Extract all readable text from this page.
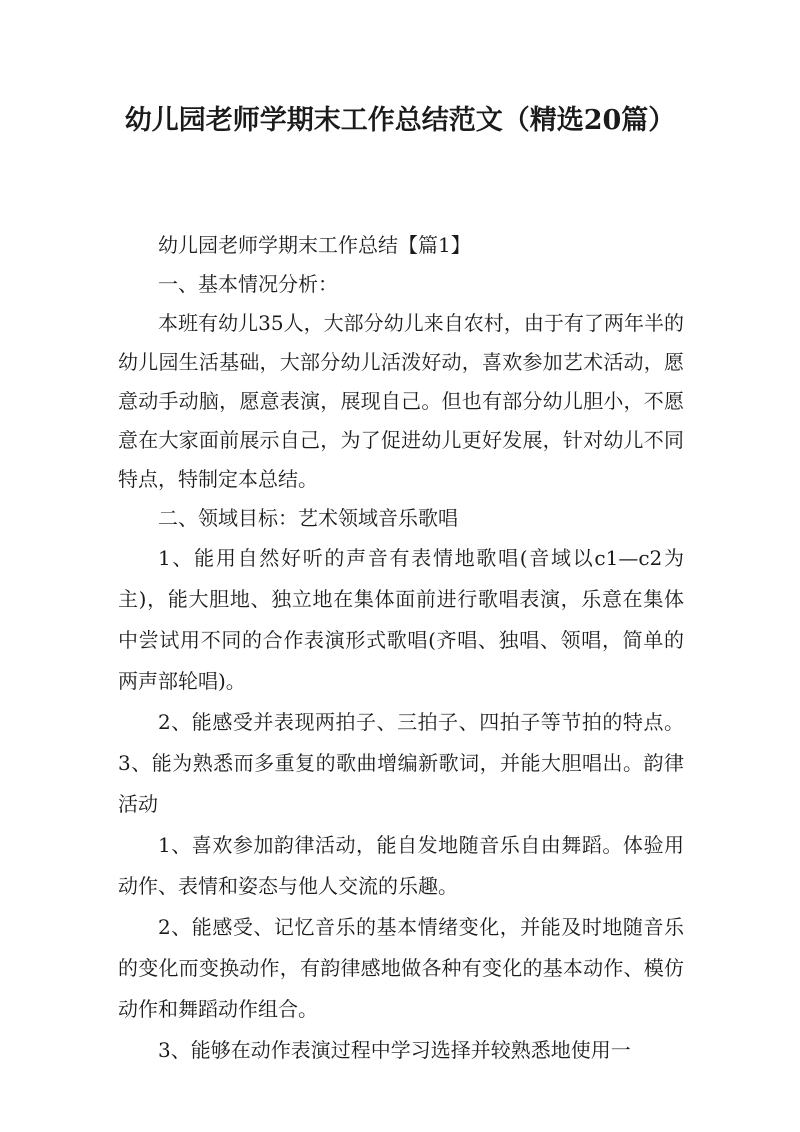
幼儿园老师学期末工作总结范文（精选20篇）

幼儿园老师学期末工作总结【篇1】

一、基本情况分析：

本班有幼儿35人，大部分幼儿来自农村，由于有了两年半的幼儿园生活基础，大部分幼儿活泼好动，喜欢参加艺术活动，愿意动手动脑，愿意表演，展现自己。但也有部分幼儿胆小，不愿意在大家面前展示自己，为了促进幼儿更好发展，针对幼儿不同特点，特制定本总结。

二、领域目标：艺术领域音乐歌唱

1、能用自然好听的声音有表情地歌唱(音域以c1—c2为主)，能大胆地、独立地在集体面前进行歌唱表演，乐意在集体中尝试用不同的合作表演形式歌唱(齐唱、独唱、领唱，简单的两声部轮唱)。

2、能感受并表现两拍子、三拍子、四拍子等节拍的特点。3、能为熟悉而多重复的歌曲增编新歌词，并能大胆唱出。韵律活动

1、喜欢参加韵律活动，能自发地随音乐自由舞蹈。体验用动作、表情和姿态与他人交流的乐趣。

2、能感受、记忆音乐的基本情绪变化，并能及时地随音乐的变化而变换动作，有韵律感地做各种有变化的基本动作、模仿动作和舞蹈动作组合。

3、能够在动作表演过程中学习选择并较熟悉地使用一
